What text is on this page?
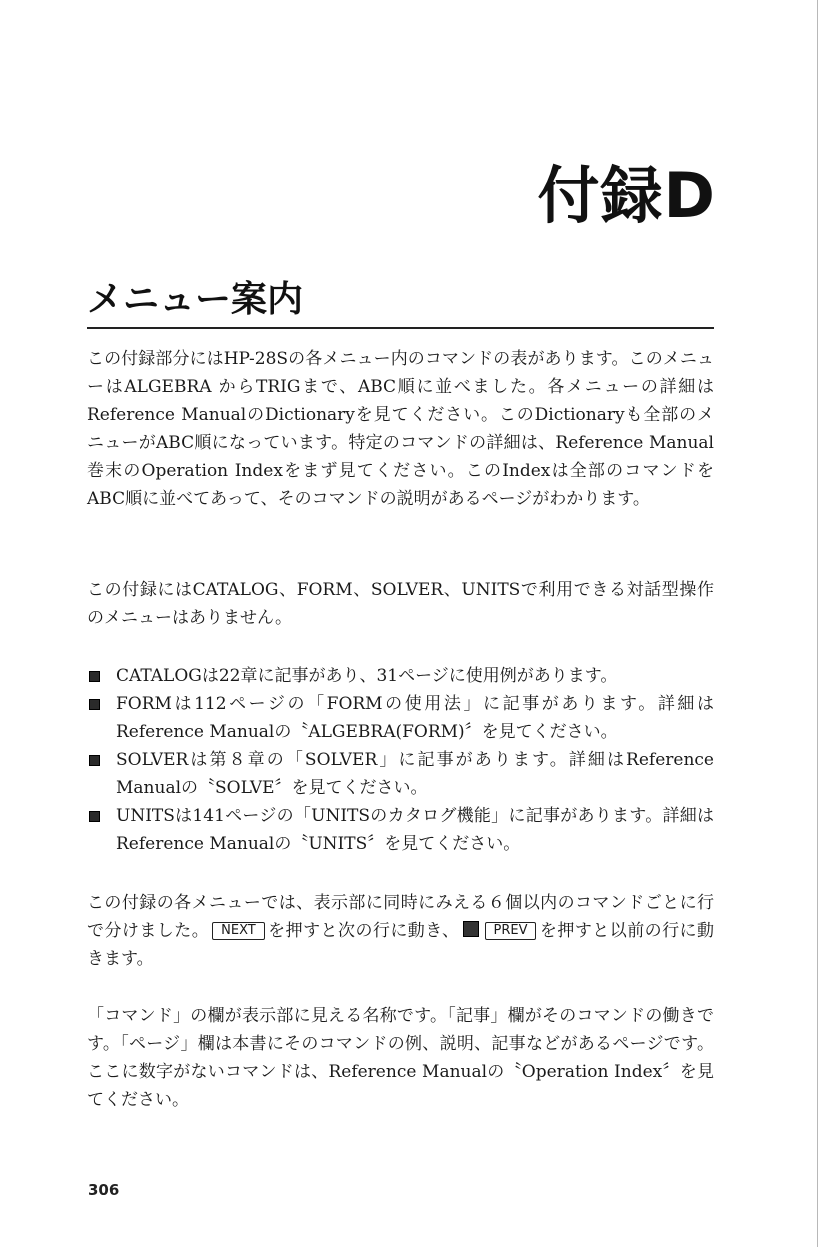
付録D
メニュー案内

この付録部分にはHP-28Sの各メニュー内のコマンドの表があります。このメニューはALGEBRA からTRIGまで、ABC順に並べました。各メニューの詳細はReference ManualのDictionaryを見てください。このDictionaryも全部のメニューがABC順になっています。特定のコマンドの詳細は、Reference Manual巻末のOperation Indexをまず見てください。このIndexは全部のコマンドをABC順に並べてあって、そのコマンドの説明があるページがわかります。

この付録にはCATALOG、FORM、SOLVER、UNITSで利用できる対話型操作のメニューはありません。

CATALOGは22章に記事があり、31ページに使用例があります。
FORMは112ページの「FORMの使用法」に記事があります。詳細はReference Manualの〝ALGEBRA(FORM)〞を見てください。
SOLVERは第８章の「SOLVER」に記事があります。詳細はReference Manualの〝SOLVE〞を見てください。
UNITSは141ページの「UNITSのカタログ機能」に記事があります。詳細はReference Manualの〝UNITS〞を見てください。

この付録の各メニューでは、表示部に同時にみえる６個以内のコマンドごとに行で分けました。 NEXT を押すと次の行に動き、	PREV を押すと以前の行に動きます。

「コマンド」の欄が表示部に見える名称です。「記事」欄がそのコマンドの働きです。「ページ」欄は本書にそのコマンドの例、説明、記事などがあるページです。ここに数字がないコマンドは、Reference Manualの〝Operation Index〞を見てください。

306
